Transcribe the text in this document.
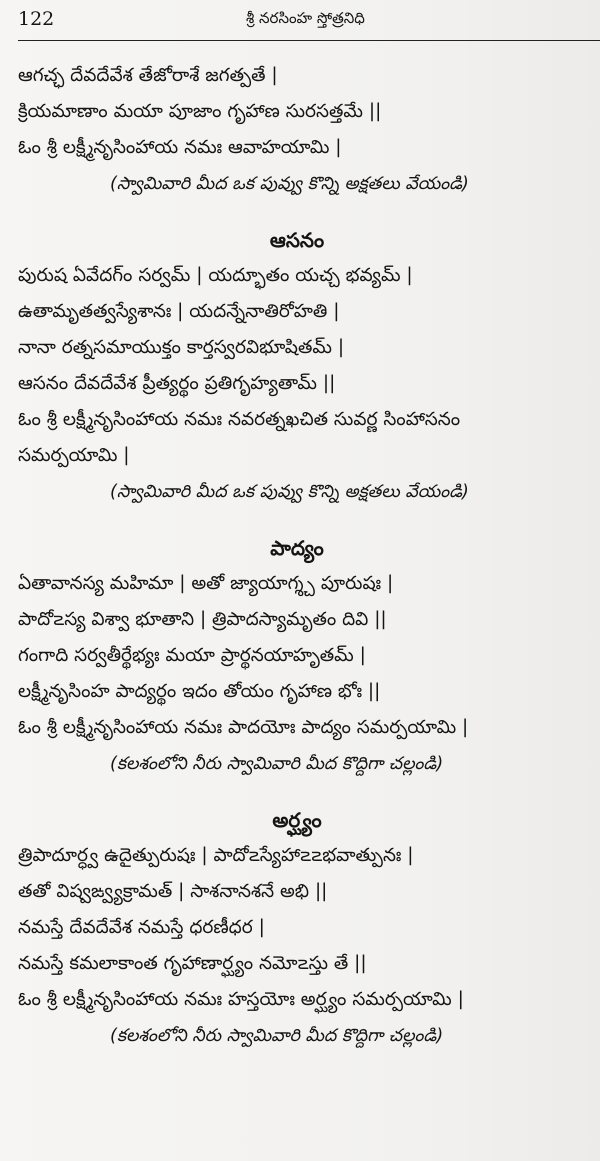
122	శ్రీ నరసింహ స్తోత్రనిధి
ఆగచ్ఛ దేవదేవేశ తేజోరాశే జగత్పతే |
క్రియమాణాం మయా పూజాం గృహాణ సురసత్తమే ||
ఓం శ్రీ లక్ష్మీనృసింహాయ నమః ఆవాహయామి |
(స్వామివారి మీద ఒక పువ్వు కొన్ని అక్షతలు వేయండి)
ఆసనం
పురుష ఏవేదగ్ం సర్వమ్ | యద్భూతం యచ్చ భవ్యమ్ |
ఉతామృతత్వస్యేశానః | యదన్నేనాతిరోహతి |
నానా రత్నసమాయుక్తం కార్తస్వరవిభూషితమ్ |
ఆసనం దేవదేవేశ ప్రీత్యర్థం ప్రతిగృహ్యతామ్ ||
ఓం శ్రీ లక్ష్మీనృసింహాయ నమః నవరత్నఖచిత సువర్ణ సింహాసనం
సమర్పయామి |
(స్వామివారి మీద ఒక పువ్వు కొన్ని అక్షతలు వేయండి)
పాద్యం
ఏతావానస్య మహిమా | అతో జ్యాయాగ్శ్చ పూరుషః |
పాదో౽స్య విశ్వా భూతాని | త్రిపాదస్యామృతం దివి ||
గంగాది సర్వతీర్థేభ్యః మయా ప్రార్థనయాహృతమ్ |
లక్ష్మీనృసింహ పాద్యర్థం ఇదం తోయం గృహాణ భోః ||
ఓం శ్రీ లక్ష్మీనృసింహాయ నమః పాదయోః పాద్యం సమర్పయామి |
(కలశంలోని నీరు స్వామివారి మీద కొద్దిగా చల్లండి)
అర్ఘ్యం
త్రిపాదూర్ధ్వ ఉదైత్పురుషః | పాదో౽స్యేహా౽౽భవాత్పునః |
తతో విష్వఙ్వ్యక్రామత్ | సాశనానశనే అభి ||
నమస్తే దేవదేవేశ నమస్తే ధరణీధర |
నమస్తే కమలాకాంత గృహాణార్ఘ్యం నమో౽స్తు తే ||
ఓం శ్రీ లక్ష్మీనృసింహాయ నమః హస్తయోః అర్ఘ్యం సమర్పయామి |
(కలశంలోని నీరు స్వామివారి మీద కొద్దిగా చల్లండి)
